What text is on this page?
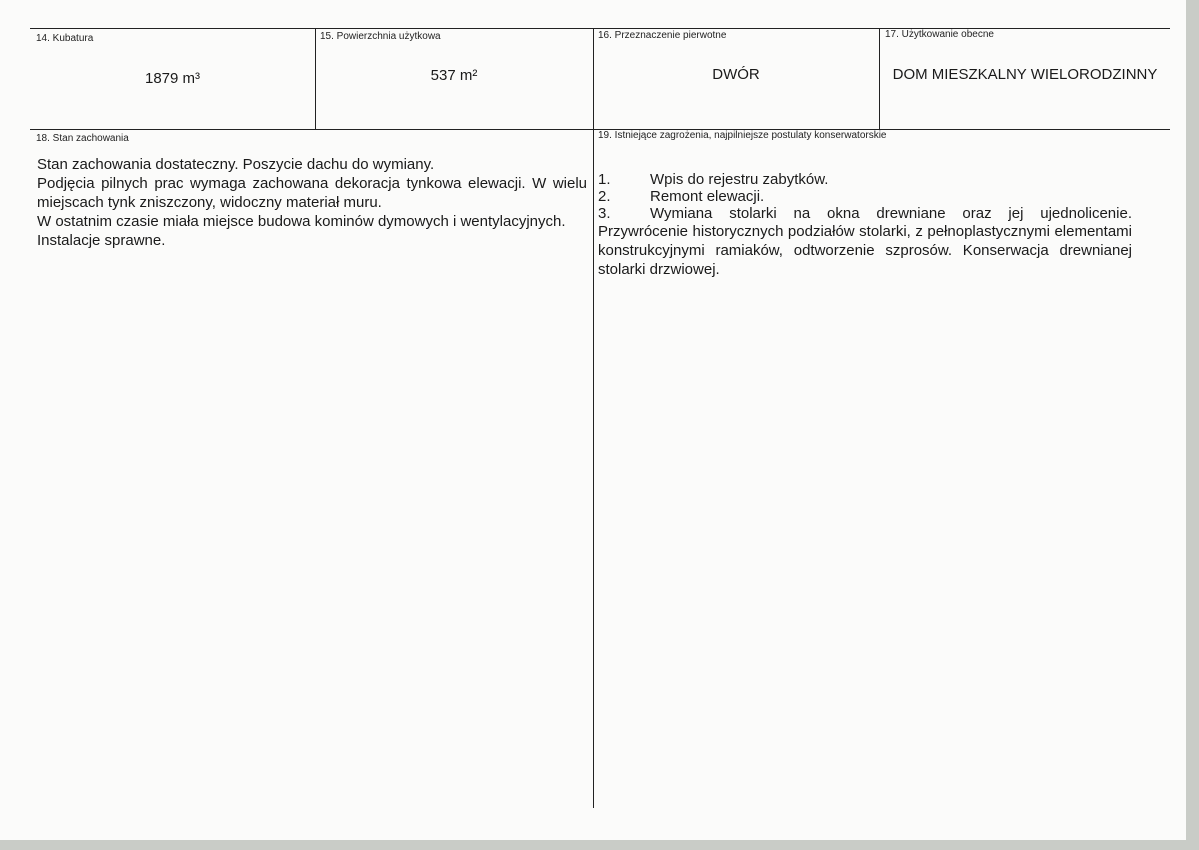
14. Kubatura	15. Powierzchnia użytkowa	16. Przeznaczenie pierwotne	17. Użytkowanie obecne
1879 m³	537 m²	DWÓR	DOM MIESZKALNY WIELORODZINNY
18. Stan zachowania	19. Istniejące zagrożenia, najpilniejsze postulaty konserwatorskie

Stan zachowania dostateczny. Poszycie dachu do wymiany.

Podjęcia pilnych prac wymaga zachowana dekoracja tynkowa elewacji. W wielu miejscach tynk zniszczony, widoczny materiał muru.

W ostatnim czasie miała miejsce budowa kominów dymowych i wentylacyjnych.

Instalacje sprawne.

1.	Wpis do rejestru zabytków.
2.	Remont elewacji.
3.	Wymiana stolarki na okna drewniane oraz jej ujednolicenie.

Przywrócenie historycznych podziałów stolarki, z pełnoplastycznymi elementami konstrukcyjnymi ramiaków, odtworzenie szprosów. Konserwacja drewnianej stolarki drzwiowej.
